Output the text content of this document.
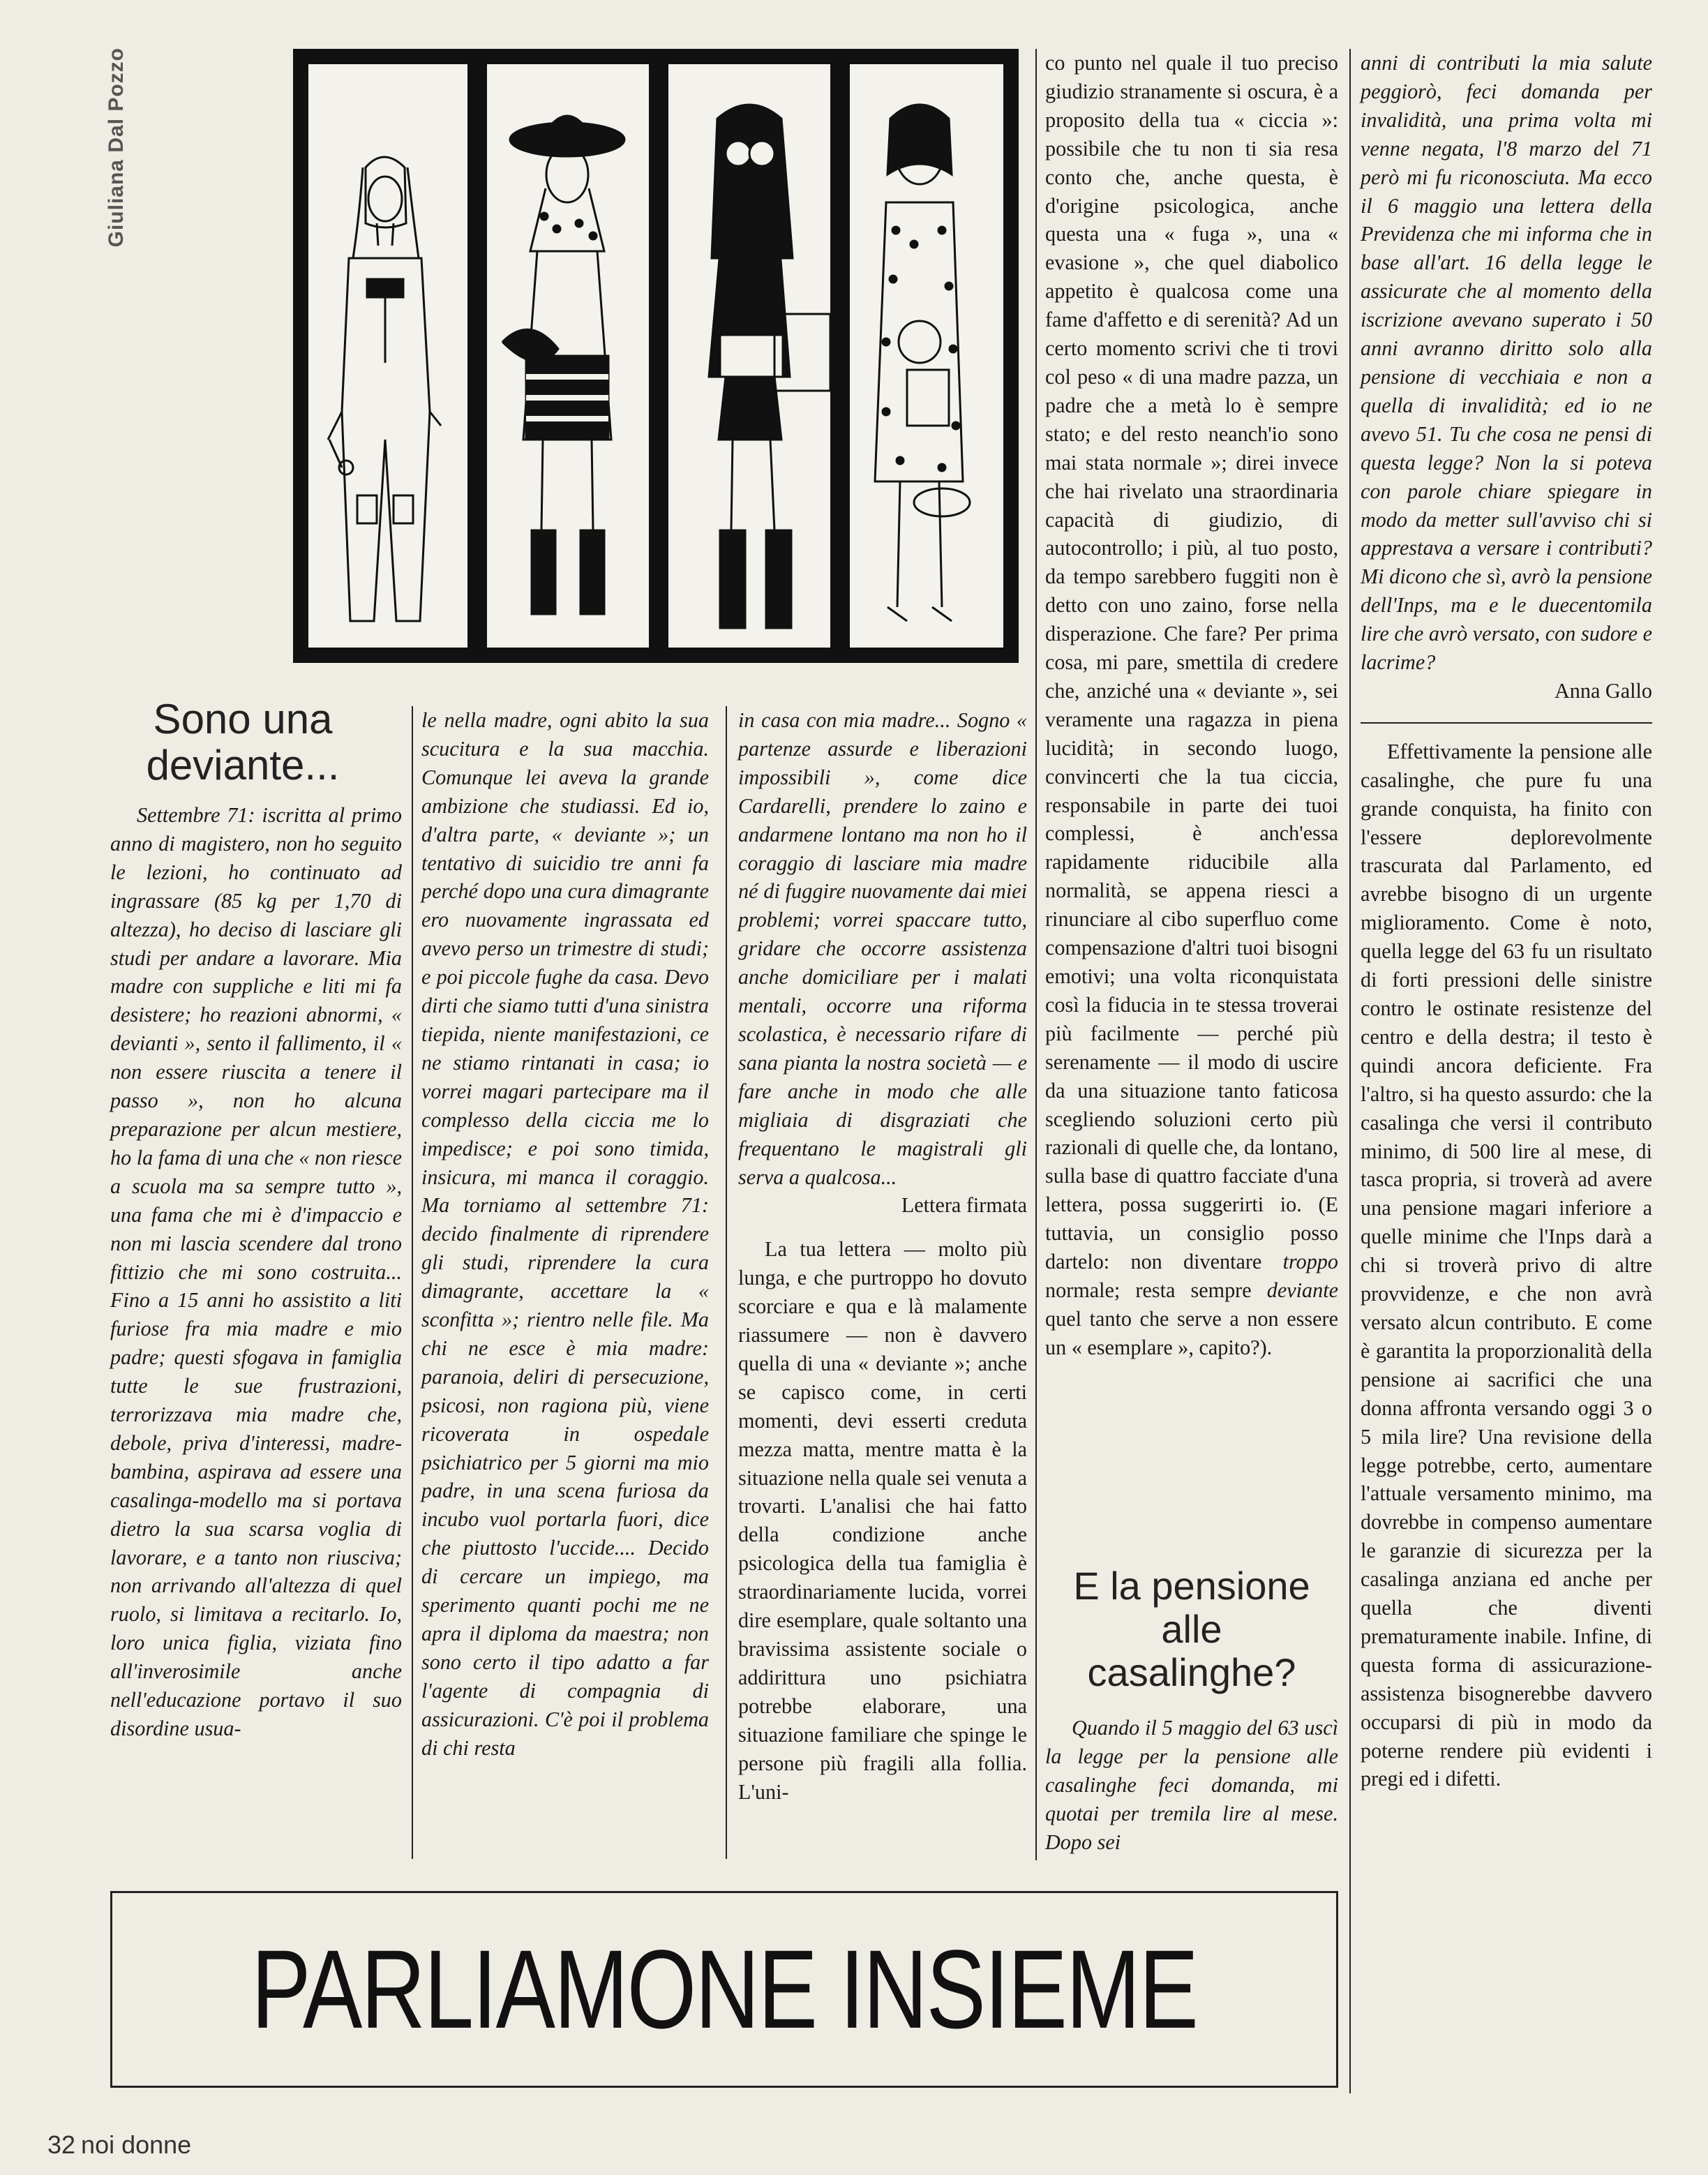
Giuliana Dal Pozzo
Sono una
deviante...

Settembre 71: iscritta al primo anno di magistero, non ho seguito le lezioni, ho continuato ad ingrassare (85 kg per 1,70 di altezza), ho deciso di lasciare gli studi per andare a lavorare. Mia madre con suppliche e liti mi fa desistere; ho reazioni abnormi, « devianti », sento il fallimento, il « non essere riuscita a tenere il passo », non ho alcuna preparazione per alcun mestiere, ho la fama di una che « non riesce a scuola ma sa sempre tutto », una fama che mi è d'impaccio e non mi lascia scendere dal trono fittizio che mi sono costruita... Fino a 15 anni ho assistito a liti furiose fra mia madre e mio padre; questi sfogava in famiglia tutte le sue frustrazioni, terrorizzava mia madre che, debole, priva d'interessi, madre-bambina, aspirava ad essere una casalinga-modello ma si portava dietro la sua scarsa voglia di lavorare, e a tanto non riusciva; non arrivando all'altezza di quel ruolo, si limitava a recitarlo. Io, loro unica figlia, viziata fino all'inverosimile anche nell'educazione portavo il suo disordine usua-

le nella madre, ogni abito la sua scucitura e la sua macchia. Comunque lei aveva la grande ambizione che studiassi. Ed io, d'altra parte, « deviante »; un tentativo di suicidio tre anni fa perché dopo una cura dimagrante ero nuovamente ingrassata ed avevo perso un trimestre di studi; e poi piccole fughe da casa. Devo dirti che siamo tutti d'una sinistra tiepida, niente manifestazioni, ce ne stiamo rintanati in casa; io vorrei magari partecipare ma il complesso della ciccia me lo impedisce; e poi sono timida, insicura, mi manca il coraggio. Ma torniamo al settembre 71: decido finalmente di riprendere gli studi, riprendere la cura dimagrante, accettare la « sconfitta »; rientro nelle file. Ma chi ne esce è mia madre: paranoia, deliri di persecuzione, psicosi, non ragiona più, viene ricoverata in ospedale psichiatrico per 5 giorni ma mio padre, in una scena furiosa da incubo vuol portarla fuori, dice che piuttosto l'uccide.... Decido di cercare un impiego, ma sperimento quanti pochi me ne apra il diploma da maestra; non sono certo il tipo adatto a far l'agente di compagnia di assicurazioni. C'è poi il problema di chi resta

in casa con mia madre... Sogno « partenze assurde e liberazioni impossibili », come dice Cardarelli, prendere lo zaino e andarmene lontano ma non ho il coraggio di lasciare mia madre né di fuggire nuovamente dai miei problemi; vorrei spaccare tutto, gridare che occorre assistenza anche domiciliare per i malati mentali, occorre una riforma scolastica, è necessario rifare di sana pianta la nostra società — e fare anche in modo che alle migliaia di disgraziati che frequentano le magistrali gli serva a qualcosa...

Lettera firmata

La tua lettera — molto più lunga, e che purtroppo ho dovuto scorciare e qua e là malamente riassumere — non è davvero quella di una « deviante »; anche se capisco come, in certi momenti, devi esserti creduta mezza matta, mentre matta è la situazione nella quale sei venuta a trovarti. L'analisi che hai fatto della condizione anche psicologica della tua famiglia è straordinariamente lucida, vorrei dire esemplare, quale soltanto una bravissima assistente sociale o addirittura uno psichiatra potrebbe elaborare, una situazione familiare che spinge le persone più fragili alla follia. L'uni-

co punto nel quale il tuo preciso giudizio stranamente si oscura, è a proposito della tua « ciccia »: possibile che tu non ti sia resa conto che, anche questa, è d'origine psicologica, anche questa una « fuga », una « evasione », che quel diabolico appetito è qualcosa come una fame d'affetto e di serenità? Ad un certo momento scrivi che ti trovi col peso « di una madre pazza, un padre che a metà lo è sempre stato; e del resto neanch'io sono mai stata normale »; direi invece che hai rivelato una straordinaria capacità di giudizio, di autocontrollo; i più, al tuo posto, da tempo sarebbero fuggiti non è detto con uno zaino, forse nella disperazione. Che fare? Per prima cosa, mi pare, smettila di credere che, anziché una « deviante », sei veramente una ragazza in piena lucidità; in secondo luogo, convincerti che la tua ciccia, responsabile in parte dei tuoi complessi, è anch'essa rapidamente riducibile alla normalità, se appena riesci a rinunciare al cibo superfluo come compensazione d'altri tuoi bisogni emotivi; una volta riconquistata così la fiducia in te stessa troverai più facilmente — perché più serenamente — il modo di uscire da una situazione tanto faticosa scegliendo soluzioni certo più razionali di quelle che, da lontano, sulla base di quattro facciate d'una lettera, possa suggerirti io. (E tuttavia, un consiglio posso dartelo: non diventare troppo normale; resta sempre deviante quel tanto che serve a non essere un « esemplare », capito?).

E la pensione
alle
casalinghe?

Quando il 5 maggio del 63 uscì la legge per la pensione alle casalinghe feci domanda, mi quotai per tremila lire al mese. Dopo sei

anni di contributi la mia salute peggiorò, feci domanda per invalidità, una prima volta mi venne negata, l'8 marzo del 71 però mi fu riconosciuta. Ma ecco il 6 maggio una lettera della Previdenza che mi informa che in base all'art. 16 della legge le assicurate che al momento della iscrizione avevano superato i 50 anni avranno diritto solo alla pensione di vecchiaia e non a quella di invalidità; ed io ne avevo 51. Tu che cosa ne pensi di questa legge? Non la si poteva con parole chiare spiegare in modo da metter sull'avviso chi si apprestava a versare i contributi? Mi dicono che sì, avrò la pensione dell'Inps, ma e le duecentomila lire che avrò versato, con sudore e lacrime?

Anna Gallo

Effettivamente la pensione alle casalinghe, che pure fu una grande conquista, ha finito con l'essere deplorevolmente trascurata dal Parlamento, ed avrebbe bisogno di un urgente miglioramento. Come è noto, quella legge del 63 fu un risultato di forti pressioni delle sinistre contro le ostinate resistenze del centro e della destra; il testo è quindi ancora deficiente. Fra l'altro, si ha questo assurdo: che la casalinga che versi il contributo minimo, di 500 lire al mese, di tasca propria, si troverà ad avere una pensione magari inferiore a quelle minime che l'Inps darà a chi si troverà privo di altre provvidenze, e che non avrà versato alcun contributo. E come è garantita la proporzionalità della pensione ai sacrifici che una donna affronta versando oggi 3 o 5 mila lire? Una revisione della legge potrebbe, certo, aumentare l'attuale versamento minimo, ma dovrebbe in compenso aumentare le garanzie di sicurezza per la casalinga anziana ed anche per quella che diventi prematuramente inabile. Infine, di questa forma di assicurazione-assistenza bisognerebbe davvero occuparsi di più in modo da poterne rendere più evidenti i pregi ed i difetti.

PARLIAMONE INSIEME
32 noi donne
